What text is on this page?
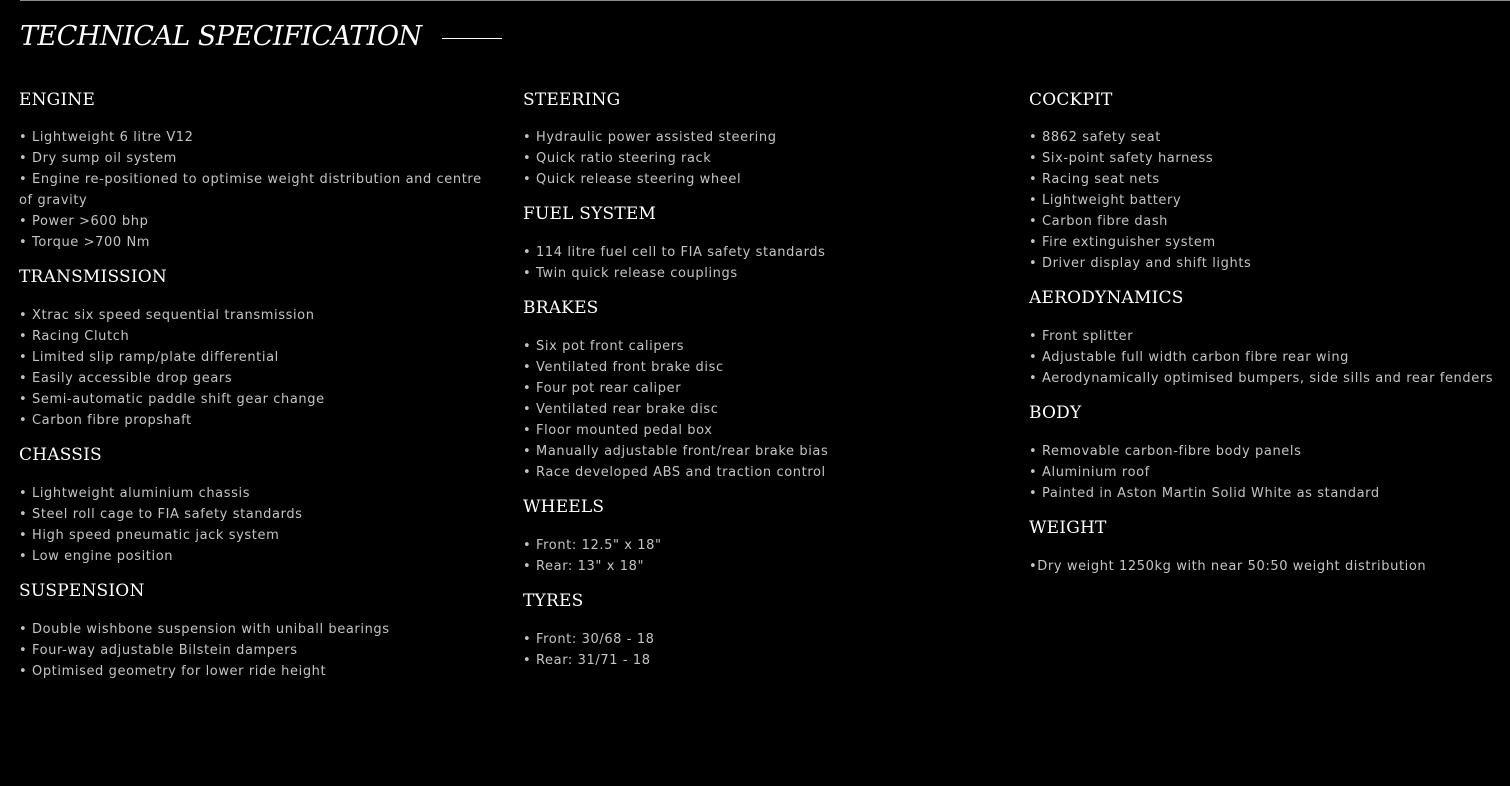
TECHNICAL SPECIFICATION
ENGINE
• Lightweight 6 litre V12
• Dry sump oil system
• Engine re-positioned to optimise weight distribution and centre of gravity
• Power >600 bhp
• Torque >700 Nm
TRANSMISSION
• Xtrac six speed sequential transmission
• Racing Clutch
• Limited slip ramp/plate differential
• Easily accessible drop gears
• Semi-automatic paddle shift gear change
• Carbon fibre propshaft
CHASSIS
• Lightweight aluminium chassis
• Steel roll cage to FIA safety standards
• High speed pneumatic jack system
• Low engine position
SUSPENSION
• Double wishbone suspension with uniball bearings
• Four-way adjustable Bilstein dampers
• Optimised geometry for lower ride height
STEERING
• Hydraulic power assisted steering
• Quick ratio steering rack
• Quick release steering wheel
FUEL SYSTEM
• 114 litre fuel cell to FIA safety standards
• Twin quick release couplings
BRAKES
• Six pot front calipers
• Ventilated front brake disc
• Four pot rear caliper
• Ventilated rear brake disc
• Floor mounted pedal box
• Manually adjustable front/rear brake bias
• Race developed ABS and traction control
WHEELS
• Front: 12.5" x 18"
• Rear: 13" x 18"
TYRES
• Front: 30/68 - 18
• Rear: 31/71 - 18
COCKPIT
• 8862 safety seat
• Six-point safety harness
• Racing seat nets
• Lightweight battery
• Carbon fibre dash
• Fire extinguisher system
• Driver display and shift lights
AERODYNAMICS
• Front splitter
• Adjustable full width carbon fibre rear wing
• Aerodynamically optimised bumpers, side sills and rear fenders
BODY
• Removable carbon-fibre body panels
• Aluminium roof
• Painted in Aston Martin Solid White as standard
WEIGHT
•Dry weight 1250kg with near 50:50 weight distribution
